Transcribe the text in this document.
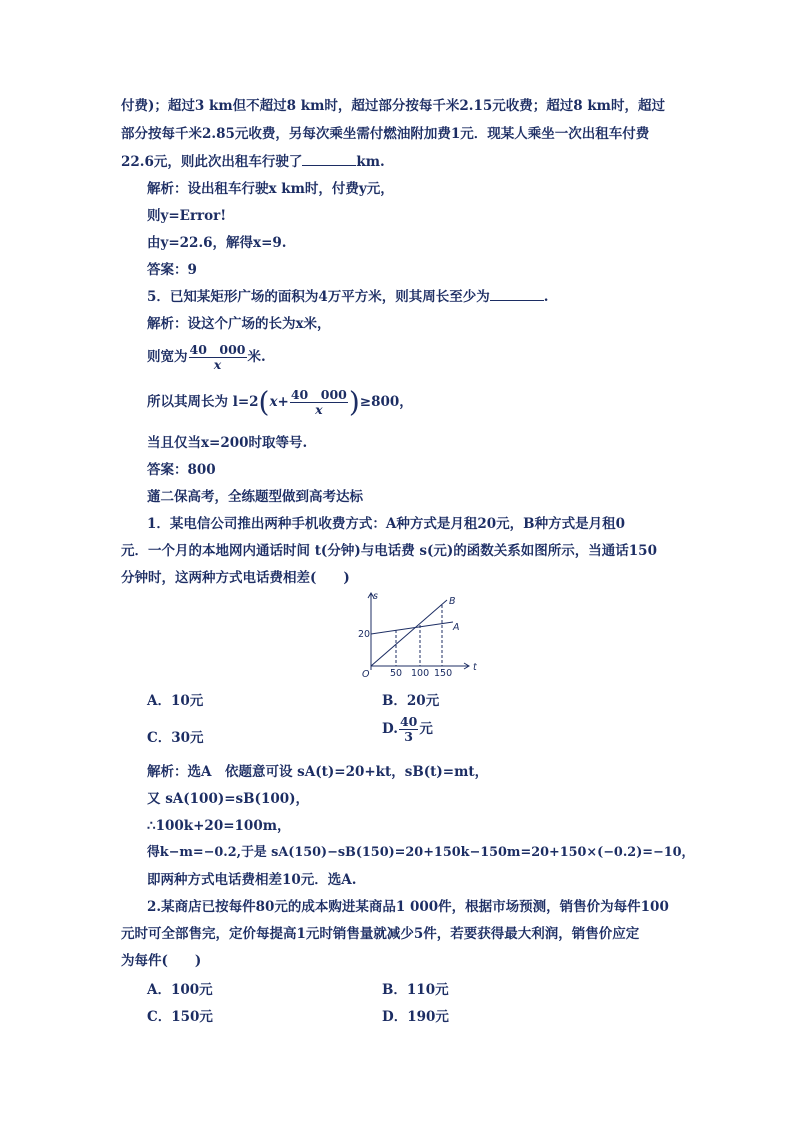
付费)；超过3 km但不超过8 km时，超过部分按每千米2.15元收费；超过8 km时，超过
部分按每千米2.85元收费，另每次乘坐需付燃油附加费1元．现某人乘坐一次出租车付费
22.6元，则此次出租车行驶了	km.
解析：设出租车行驶x km时，付费y元，
则y=Error!
由y=22.6，解得x=9.
答案：9
5．已知某矩形广场的面积为4万平方米，则其周长至少为	.
解析：设这个广场的长为x米，
则宽为 $\frac{40 000}{x}$ 米.
所以其周长为 $l=2(x+ \frac{40 000}{x} )\ge 800$，
当且仅当x=200时取等号.
答案：800
蓪二保高考，全练题型做到高考达标
1．某电信公司推出两种手机收费方式：A种方式是月租20元，B种方式是月租0
元．一个月的本地网内通话时间 t(分钟)与电话费 s(元)的函数关系如图所示，当通话150
分钟时，这两种方式电话费相差(　　)
s
t
O
20
50 100 150
A
B
A．10元	B．20元
C．30元
D. $\frac{40}{3}$ 元
解析：选A　依题意可设 sA(t)=20+kt，sB(t)=mt，
又 sA(100)=sB(100)，
∴100k+20=100m，
得k−m=−0.2,于是 sA(150)−sB(150)=20+150k−150m=20+150×(−0.2)=−10，
即两种方式电话费相差10元．选A.
2.某商店已按每件80元的成本购进某商品1 000件，根据市场预测，销售价为每件100
元时可全部售完，定价每提高1元时销售量就减少5件，若要获得最大利润，销售价应定
为每件(　　)
A．100元	B．110元
C．150元	D．190元
